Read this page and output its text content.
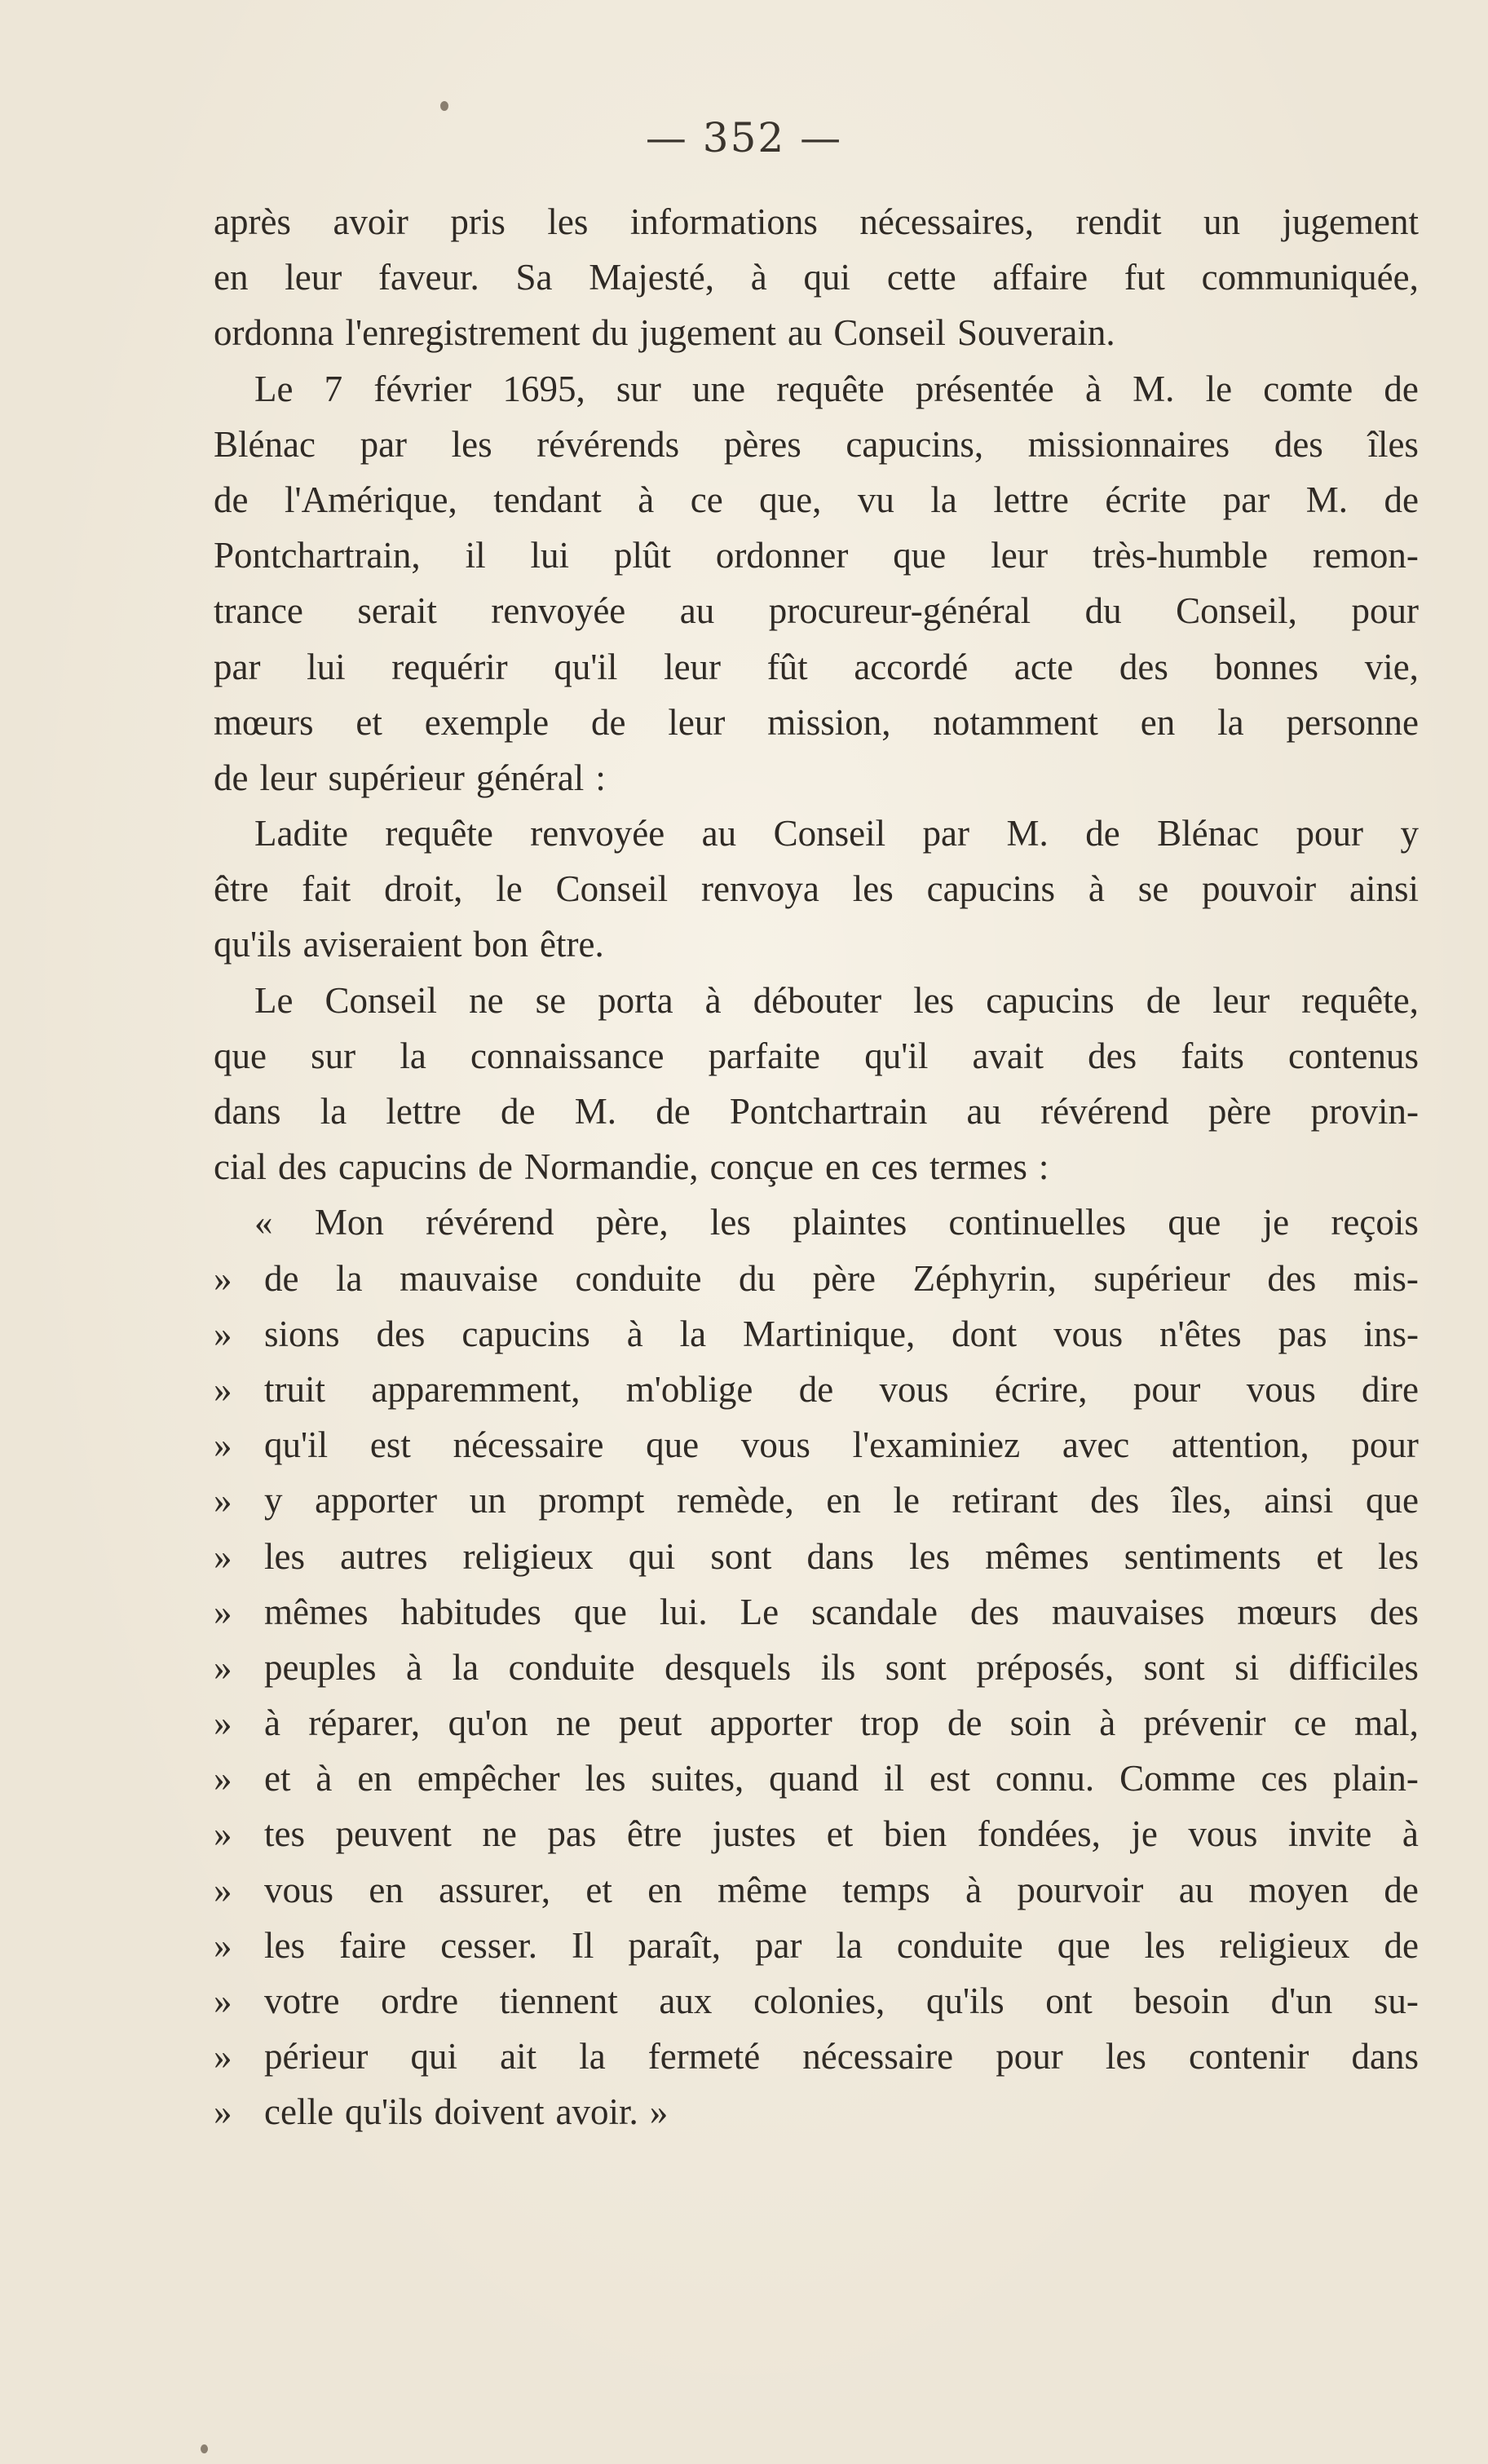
— 352 —
après avoir pris les informations nécessaires, rendit un jugement
en leur faveur. Sa Majesté, à qui cette affaire fut communiquée,
ordonna l'enregistrement du jugement au Conseil Souverain.
Le 7 février 1695, sur une requête présentée à M. le comte de
Blénac par les révérends pères capucins, missionnaires des îles
de l'Amérique, tendant à ce que, vu la lettre écrite par M. de
Pontchartrain, il lui plût ordonner que leur très-humble remon-
trance serait renvoyée au procureur-général du Conseil, pour
par lui requérir qu'il leur fût accordé acte des bonnes vie,
mœurs et exemple de leur mission, notamment en la personne
de leur supérieur général :
Ladite requête renvoyée au Conseil par M. de Blénac pour y
être fait droit, le Conseil renvoya les capucins à se pouvoir ainsi
qu'ils aviseraient bon être.
Le Conseil ne se porta à débouter les capucins de leur requête,
que sur la connaissance parfaite qu'il avait des faits contenus
dans la lettre de M. de Pontchartrain au révérend père provin-
cial des capucins de Normandie, conçue en ces termes :
« Mon révérend père, les plaintes continuelles que je reçois
» de la mauvaise conduite du père Zéphyrin, supérieur des mis-
» sions des capucins à la Martinique, dont vous n'êtes pas ins-
» truit apparemment, m'oblige de vous écrire, pour vous dire
» qu'il est nécessaire que vous l'examiniez avec attention, pour
» y apporter un prompt remède, en le retirant des îles, ainsi que
» les autres religieux qui sont dans les mêmes sentiments et les
» mêmes habitudes que lui. Le scandale des mauvaises mœurs des
» peuples à la conduite desquels ils sont préposés, sont si difficiles
» à réparer, qu'on ne peut apporter trop de soin à prévenir ce mal,
» et à en empêcher les suites, quand il est connu. Comme ces plain-
» tes peuvent ne pas être justes et bien fondées, je vous invite à
» vous en assurer, et en même temps à pourvoir au moyen de
» les faire cesser. Il paraît, par la conduite que les religieux de
» votre ordre tiennent aux colonies, qu'ils ont besoin d'un su-
» périeur qui ait la fermeté nécessaire pour les contenir dans
» celle qu'ils doivent avoir. »
